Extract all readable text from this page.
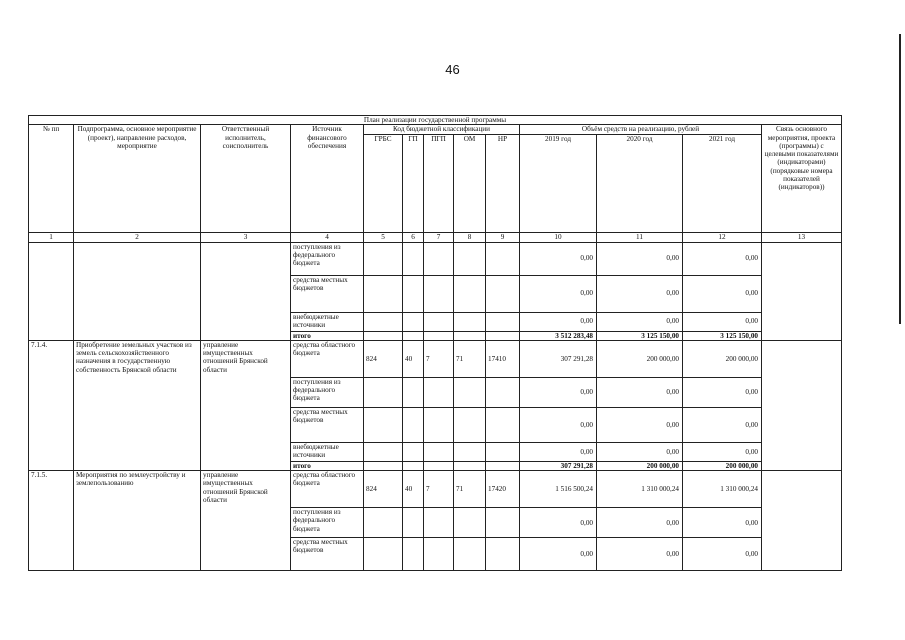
46
План реализации государственной программы												
№ пп	Подпрограмма, основное мероприятие (проект), направление расходов, мероприятие	Ответственный исполнитель, соисполнитель	Источник финансового обеспечения	Код бюджетной классификации					Объём средств на реализацию, рублей			Связь основного мероприятия, проекта (программы) с целевыми показателями (индикаторами) (порядковые номера показателей (индикаторов))
				ГРБС	ГП	ПГП	ОМ	НР	2019 год	2020 год	2021 год	
1	2	3	4	5	6	7	8	9	10	11	12	13
			поступления из федерального бюджета						0,00	0,00	0,00	
			средства местных бюджетов						0,00	0,00	0,00	
			внебюджетные источники						0,00	0,00	0,00	
			итого						3 512 283,48	3 125 150,00	3 125 150,00	
7.1.4.	Приобретение земельных участков из земель сельскохозяйственного назначения в государственную собственность Брянской области	управление имущественных отношений Брянской области	средства областного бюджета	824	40	7	71	17410	307 291,28	200 000,00	200 000,00	
			поступления из федерального бюджета						0,00	0,00	0,00	
			средства местных бюджетов						0,00	0,00	0,00	
			внебюджетные источники						0,00	0,00	0,00	
			итого						307 291,28	200 000,00	200 000,00	
7.1.5.	Мероприятия по землеустройству и землепользованию	управление имущественных отношений Брянской области	средства областного бюджета	824	40	7	71	17420	1 516 500,24	1 310 000,24	1 310 000,24	
			поступления из федерального бюджета						0,00	0,00	0,00	
			средства местных бюджетов						0,00	0,00	0,00	
